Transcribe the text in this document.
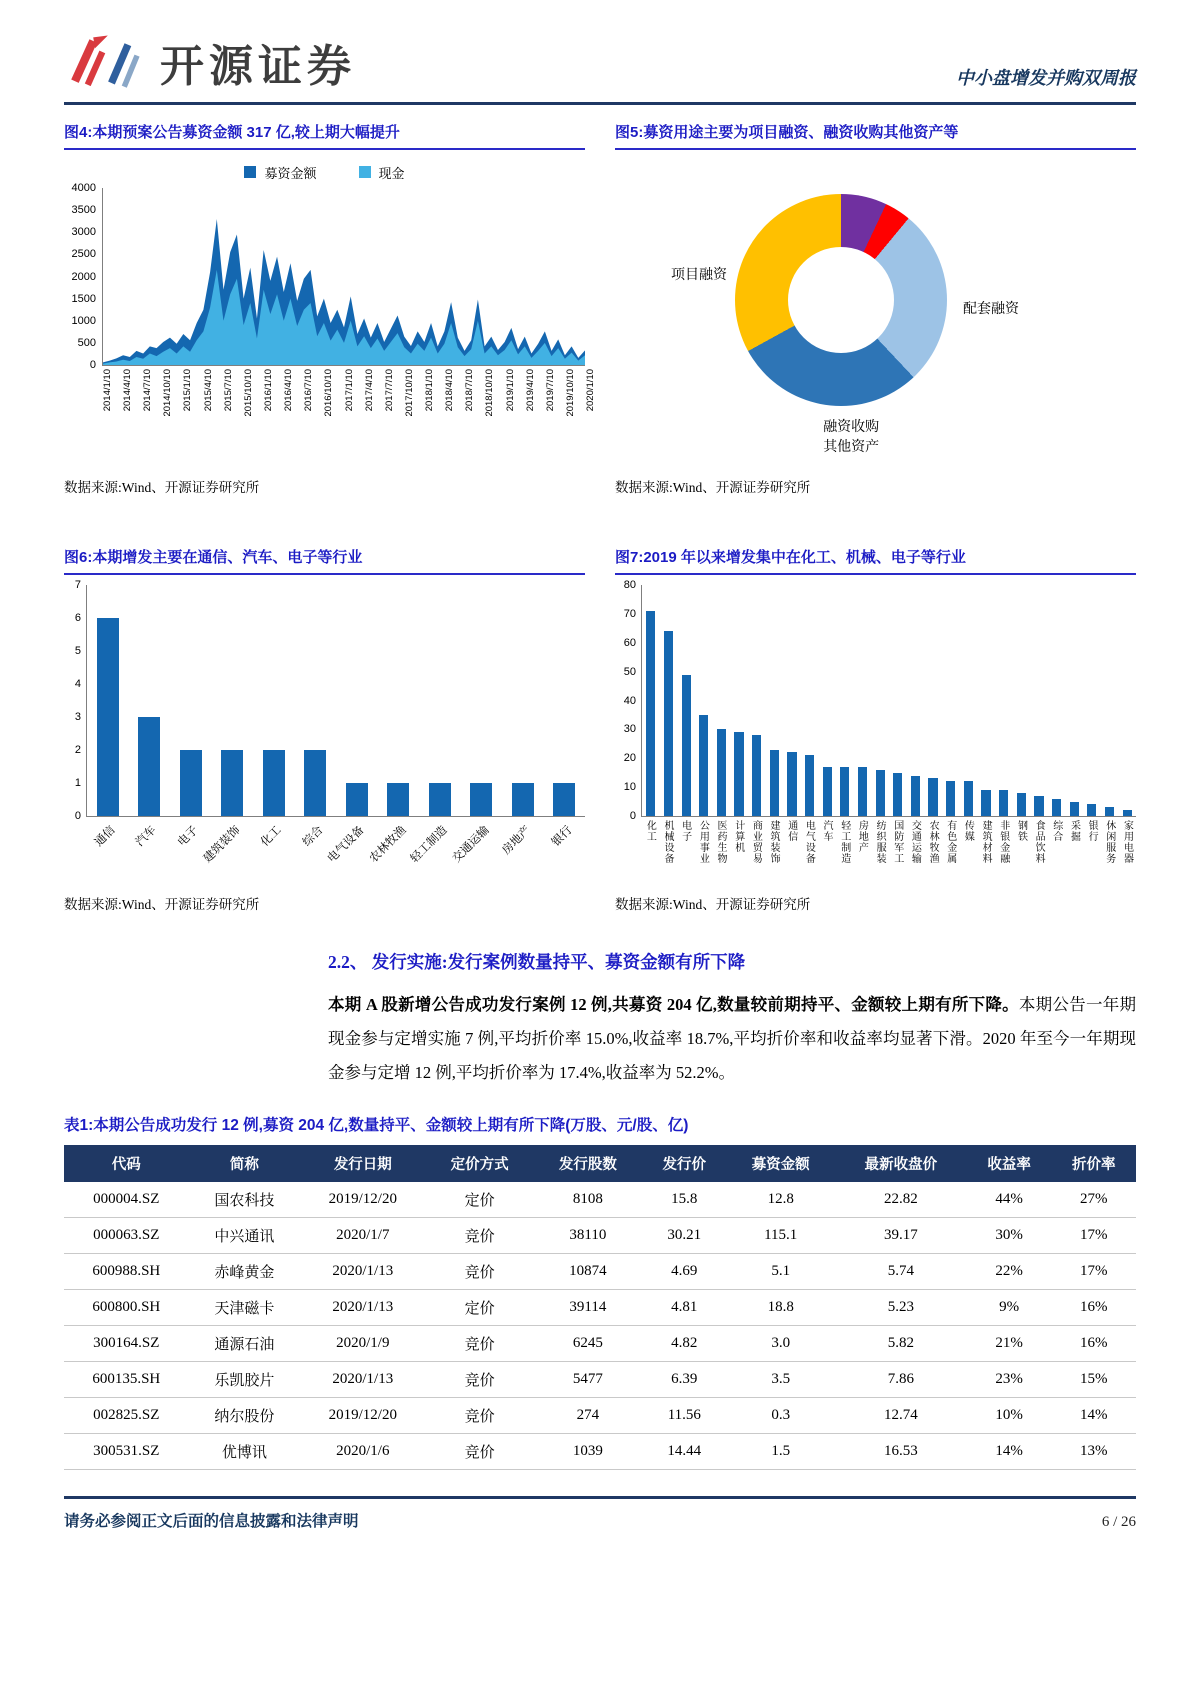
开源证券	中小盘增发并购双周报
图4:本期预案公告募资金额 317 亿,较上期大幅提升
募资金额	现金
4000
3500
3000
2500
2000
1500
1000
500
0
2014/1/10 2014/4/10 2014/7/10 2014/10/10 2015/1/10 2015/4/10 2015/7/10 2015/10/10 2016/1/10 2016/4/10 2016/7/10 2016/10/10 2017/1/10 2017/4/10 2017/7/10 2017/10/10 2018/1/10 2018/4/10 2018/7/10 2018/10/10 2019/1/10 2019/4/10 2019/7/10 2019/10/10 2020/1/10
数据来源:Wind、开源证券研究所
图5:募资用途主要为项目融资、融资收购其他资产等
项目融资
配套融资
融资收购其他资产
数据来源:Wind、开源证券研究所
图6:本期增发主要在通信、汽车、电子等行业
7
6
5
4
3
2
1
0
通信 汽车 电子 建筑装饰 化工 综合 电气设备 农林牧渔 轻工制造 交通运输 房地产 银行
数据来源:Wind、开源证券研究所
图7:2019 年以来增发集中在化工、机械、电子等行业
80
70
60
50
40
30
20
10
0
化工 机械设备 电子 公用事业 医药生物 计算机 商业贸易 建筑装饰 通信 电气设备 汽车 轻工制造 房地产 纺织服装 国防军工 交通运输 农林牧渔 有色金属 传媒 建筑材料 非银金融 钢铁 食品饮料 综合 采掘 银行 休闲服务 家用电器
数据来源:Wind、开源证券研究所
2.2、 发行实施:发行案例数量持平、募资金额有所下降

本期 A 股新增公告成功发行案例 12 例,共募资 204 亿,数量较前期持平、金额较上期有所下降。本期公告一年期现金参与定增实施 7 例,平均折价率 15.0%,收益率 18.7%,平均折价率和收益率均显著下滑。2020 年至今一年期现金参与定增 12 例,平均折价率为 17.4%,收益率为 52.2%。

表1:本期公告成功发行 12 例,募资 204 亿,数量持平、金额较上期有所下降(万股、元/股、亿)
代码	简称	发行日期	定价方式	发行股数	发行价	募资金额	最新收盘价	收益率	折价率
000004.SZ	国农科技	2019/12/20	定价	8108	15.8	12.8	22.82	44%	27%
000063.SZ	中兴通讯	2020/1/7	竞价	38110	30.21	115.1	39.17	30%	17%
600988.SH	赤峰黄金	2020/1/13	竞价	10874	4.69	5.1	5.74	22%	17%
600800.SH	天津磁卡	2020/1/13	定价	39114	4.81	18.8	5.23	9%	16%
300164.SZ	通源石油	2020/1/9	竞价	6245	4.82	3.0	5.82	21%	16%
600135.SH	乐凯胶片	2020/1/13	竞价	5477	6.39	3.5	7.86	23%	15%
002825.SZ	纳尔股份	2019/12/20	竞价	274	11.56	0.3	12.74	10%	14%
300531.SZ	优博讯	2020/1/6	竞价	1039	14.44	1.5	16.53	14%	13%
请务必参阅正文后面的信息披露和法律声明	6 / 26
